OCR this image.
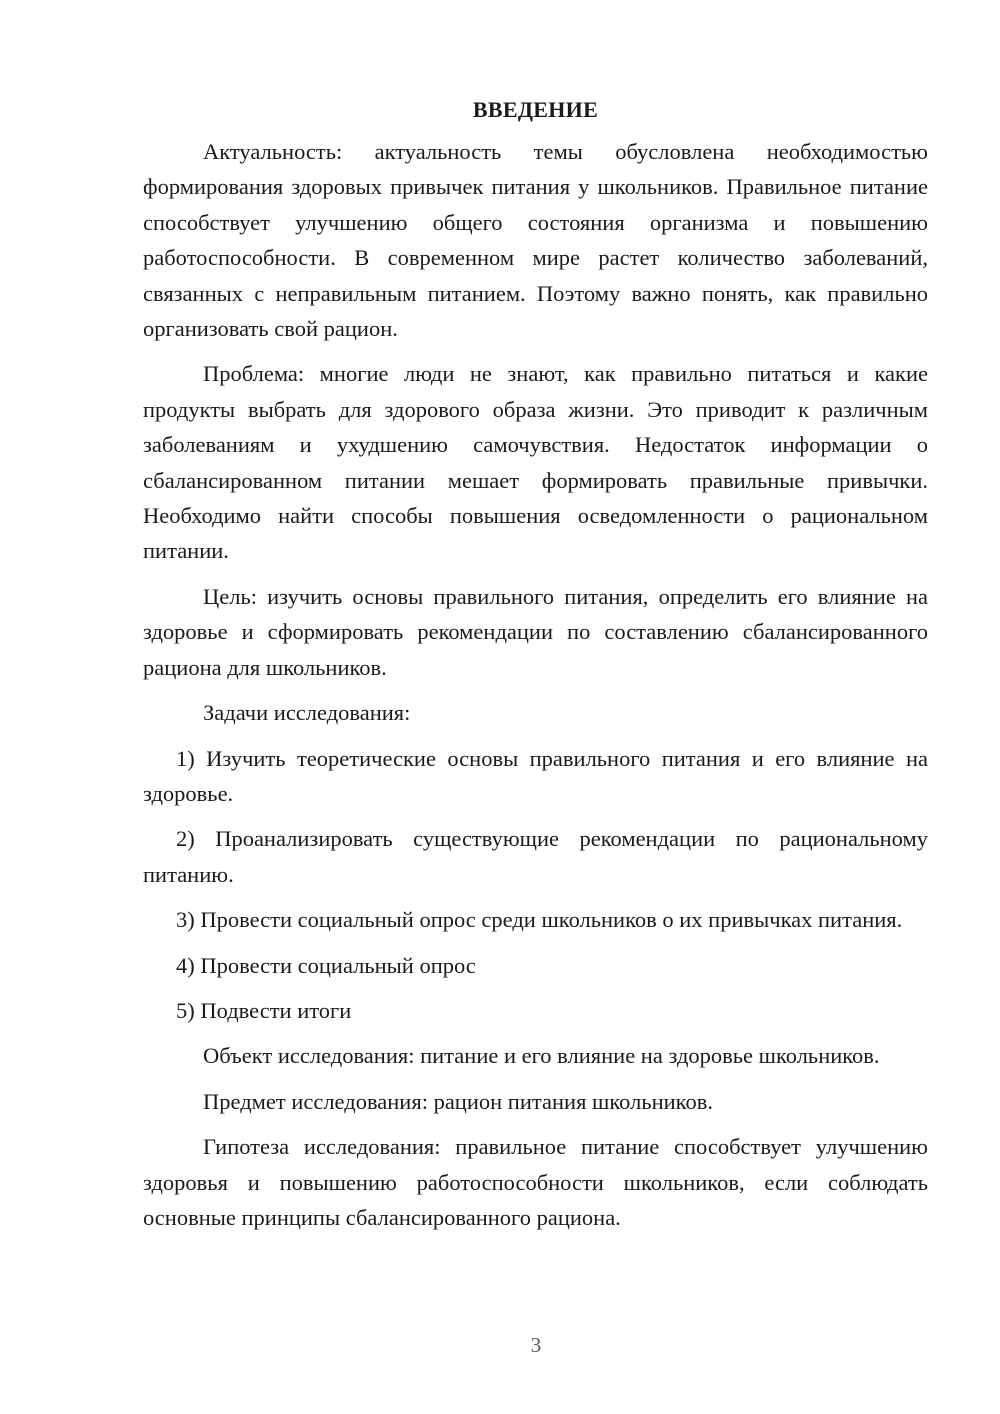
ВВЕДЕНИЕ

Актуальность: актуальность темы обусловлена необходимостью формирования здоровых привычек питания у школьников. Правильное питание способствует улучшению общего состояния организма и повышению работоспособности. В современном мире растет количество заболеваний, связанных с неправильным питанием. Поэтому важно понять, как правильно организовать свой рацион.

Проблема: многие люди не знают, как правильно питаться и какие продукты выбрать для здорового образа жизни. Это приводит к различным заболеваниям и ухудшению самочувствия. Недостаток информации о сбалансированном питании мешает формировать правильные привычки. Необходимо найти способы повышения осведомленности о рациональном питании.

Цель: изучить основы правильного питания, определить его влияние на здоровье и сформировать рекомендации по составлению сбалансированного рациона для школьников.

Задачи исследования:

1) Изучить теоретические основы правильного питания и его влияние на здоровье.

2) Проанализировать существующие рекомендации по рациональному питанию.

3) Провести социальный опрос среди школьников о их привычках питания.

4) Провести социальный опрос

5) Подвести итоги

Объект исследования: питание и его влияние на здоровье школьников.

Предмет исследования: рацион питания школьников.

Гипотеза исследования: правильное питание способствует улучшению здоровья и повышению работоспособности школьников, если соблюдать основные принципы сбалансированного рациона.

3
